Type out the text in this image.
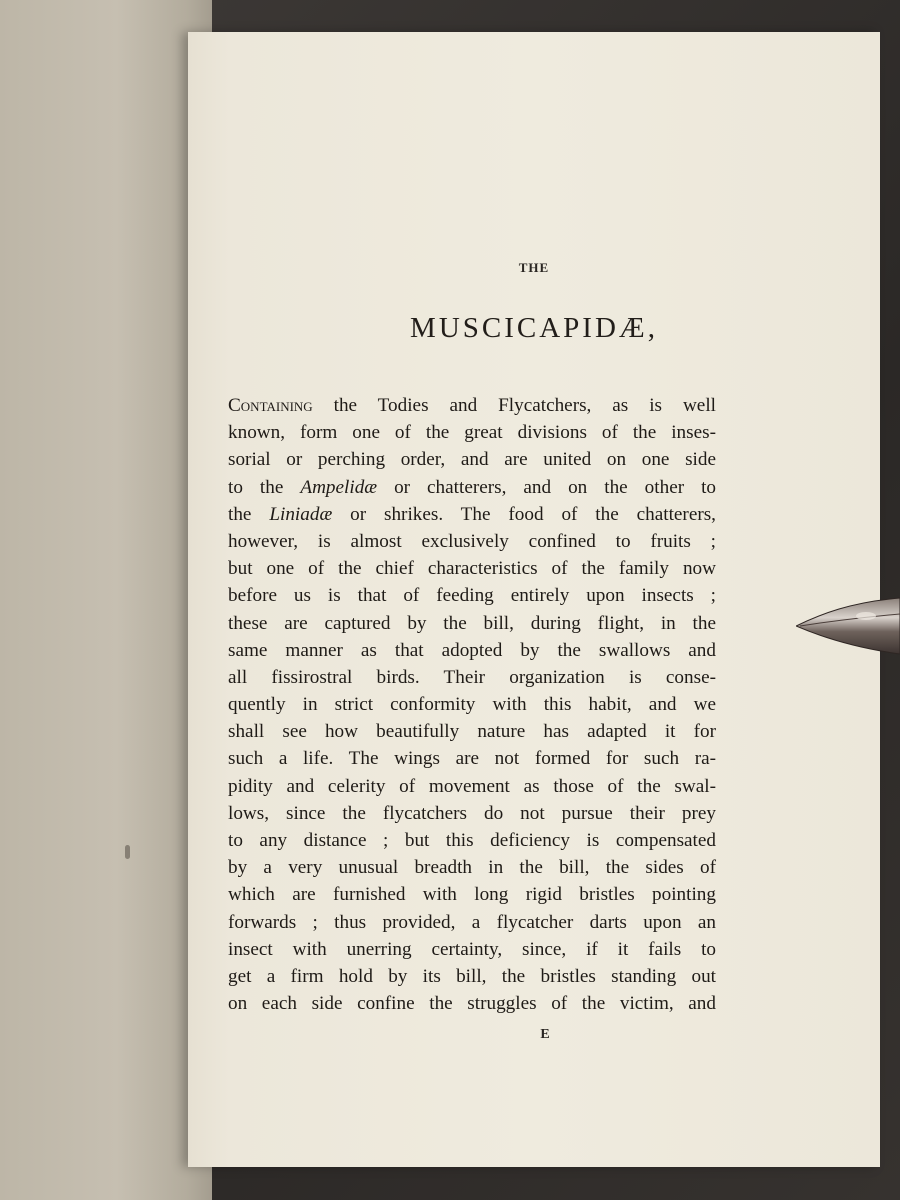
THE
MUSCICAPIDÆ,
Containing the Todies and Flycatchers, as is well
known, form one of the great divisions of the inses-
sorial or perching order, and are united on one side
to the Ampelidæ or chatterers, and on the other to
the Liniadæ or shrikes. The food of the chatterers,
however, is almost exclusively confined to fruits ;
but one of the chief characteristics of the family now
before us is that of feeding entirely upon insects ;
these are captured by the bill, during flight, in the
same manner as that adopted by the swallows and
all fissirostral birds. Their organization is conse-
quently in strict conformity with this habit, and we
shall see how beautifully nature has adapted it for
such a life. The wings are not formed for such ra-
pidity and celerity of movement as those of the swal-
lows, since the flycatchers do not pursue their prey
to any distance ; but this deficiency is compensated
by a very unusual breadth in the bill, the sides of
which are furnished with long rigid bristles pointing
forwards ; thus provided, a flycatcher darts upon an
insect with unerring certainty, since, if it fails to
get a firm hold by its bill, the bristles standing out
on each side confine the struggles of the victim, and
E
